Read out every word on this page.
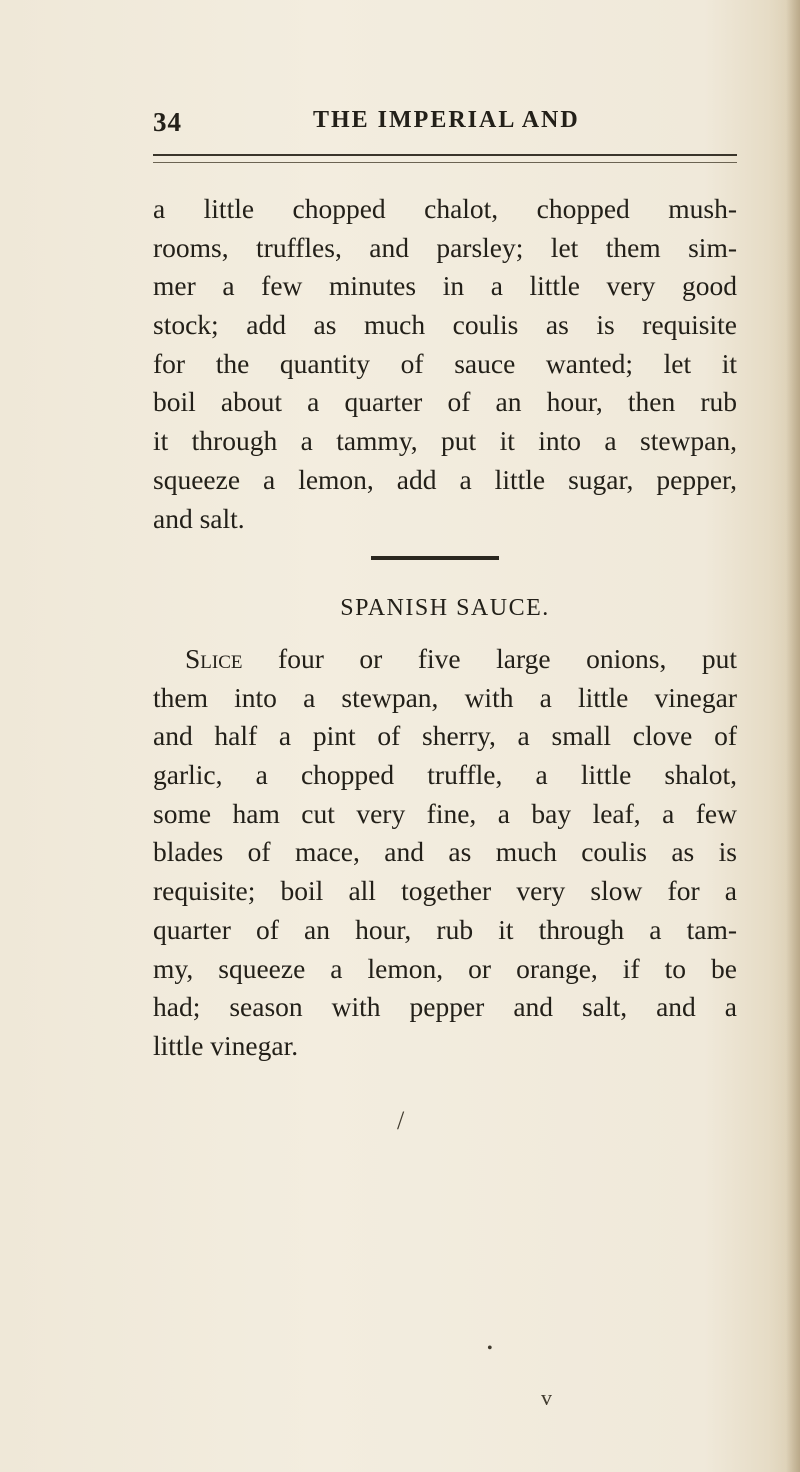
34	THE IMPERIAL AND
a little chopped chalot, chopped mush-
rooms, truffles, and parsley; let them sim-
mer a few minutes in a little very good
stock; add as much coulis as is requisite
for the quantity of sauce wanted; let it
boil about a quarter of an hour, then rub
it through a tammy, put it into a stewpan,
squeeze a lemon, add a little sugar, pepper,
and salt.
SPANISH SAUCE.
Slice four or five large onions, put
them into a stewpan, with a little vinegar
and half a pint of sherry, a small clove of
garlic, a chopped truffle, a little shalot,
some ham cut very fine, a bay leaf, a few
blades of mace, and as much coulis as is
requisite; boil all together very slow for a
quarter of an hour, rub it through a tam-
my, squeeze a lemon, or orange, if to be
had; season with pepper and salt, and a
little vinegar.
/
•
v
